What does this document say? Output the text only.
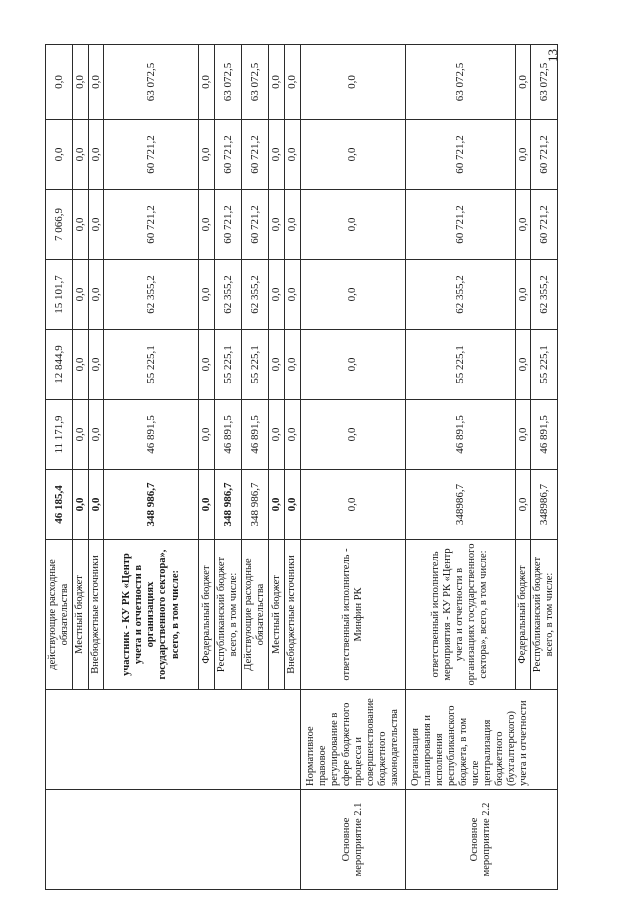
13
		действующие расходные обязательства	46 185,4	11 171,9	12 844,9	15 101,7	7 066,9	0,0	0,0
		Местный бюджет	0,0	0,0	0,0	0,0	0,0	0,0	0,0
		Внебюджетные источники	0,0	0,0	0,0	0,0	0,0	0,0	0,0
		участник - КУ РК «Центр учета и отчетности в организациях государственного сектора», всего, в том числе:	348 986,7	46 891,5	55 225,1	62 355,2	60 721,2	60 721,2	63 072,5
		Федеральный бюджет	0,0	0,0	0,0	0,0	0,0	0,0	0,0
		Республиканский бюджет всего, в том числе:	348 986,7	46 891,5	55 225,1	62 355,2	60 721,2	60 721,2	63 072,5
		Действующие расходные обязательства	348 986,7	46 891,5	55 225,1	62 355,2	60 721,2	60 721,2	63 072,5
		Местный бюджет	0,0	0,0	0,0	0,0	0,0	0,0	0,0
		Внебюджетные источники	0,0	0,0	0,0	0,0	0,0	0,0	0,0
Основное мероприятие 2.1	Нормативное правовое регулирование в сфере бюджетного процесса и совершенствование бюджетного законодательства	ответственный исполнитель - Минфин РК	0,0	0,0	0,0	0,0	0,0	0,0	0,0
Основное мероприятие 2.2	Организация планирования и исполнения республиканского бюджета, в том числе централизация бюджетного (бухгалтерского) учета и отчетности	ответственный исполнитель мероприятия - КУ РК «Центр учета и отчетности в организациях государственного сектора», всего, в том числе:	348986,7	46 891,5	55 225,1	62 355,2	60 721,2	60 721,2	63 072,5
		Федеральный бюджет	0,0	0,0	0,0	0,0	0,0	0,0	0,0
		Республиканский бюджет всего, в том числе:	348986,7	46 891,5	55 225,1	62 355,2	60 721,2	60 721,2	63 072,5
